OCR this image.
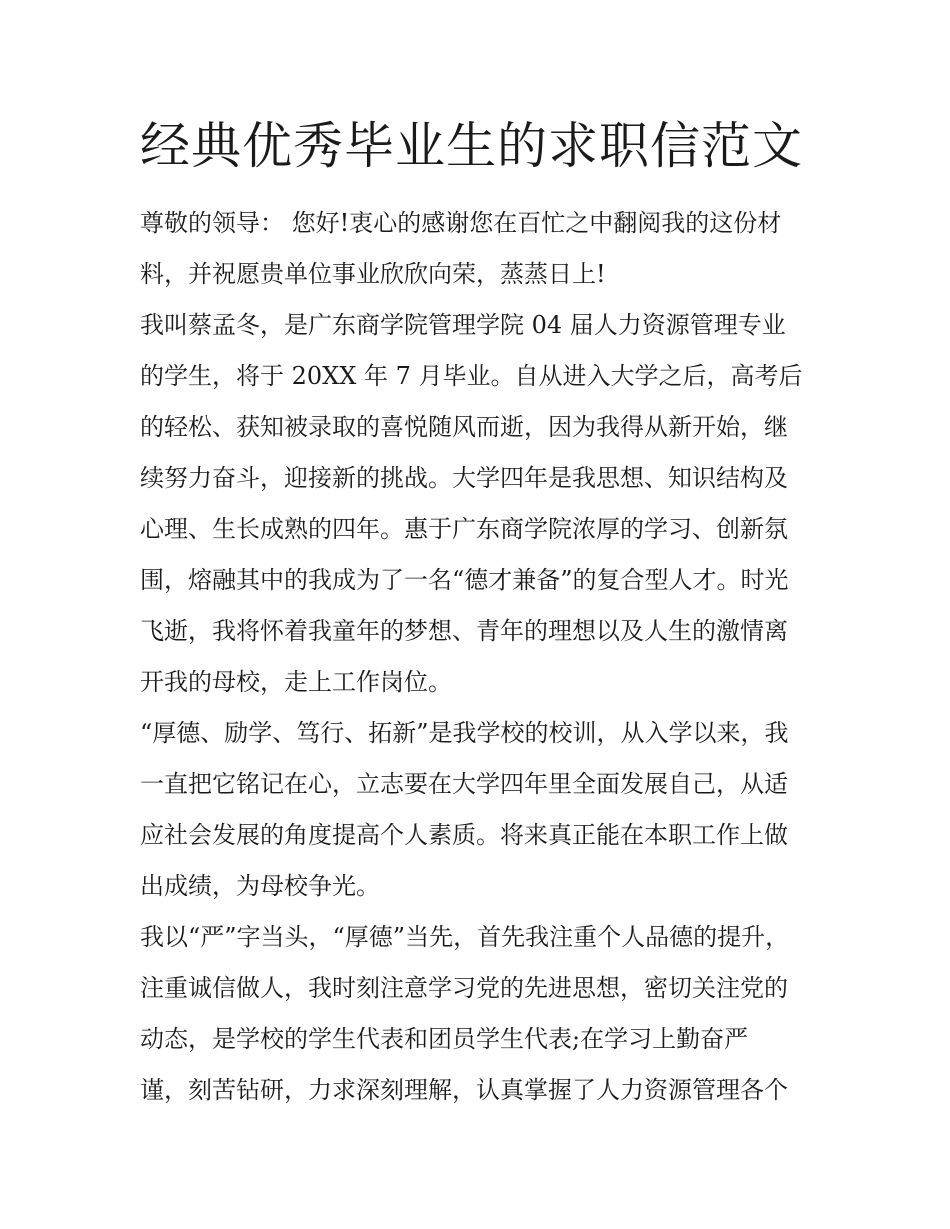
经典优秀毕业生的求职信范文
尊敬的领导： 您好!衷心的感谢您在百忙之中翻阅我的这份材
料，并祝愿贵单位事业欣欣向荣，蒸蒸日上!
我叫蔡孟冬，是广东商学院管理学院 04 届人力资源管理专业
的学生，将于 20XX 年 7 月毕业。自从进入大学之后，高考后
的轻松、获知被录取的喜悦随风而逝，因为我得从新开始，继
续努力奋斗，迎接新的挑战。大学四年是我思想、知识结构及
心理、生长成熟的四年。惠于广东商学院浓厚的学习、创新氛
围，熔融其中的我成为了一名“德才兼备”的复合型人才。时光
飞逝，我将怀着我童年的梦想、青年的理想以及人生的激情离
开我的母校，走上工作岗位。
“厚德、励学、笃行、拓新”是我学校的校训，从入学以来，我
一直把它铭记在心，立志要在大学四年里全面发展自己，从适
应社会发展的角度提高个人素质。将来真正能在本职工作上做
出成绩，为母校争光。
我以“严”字当头，“厚德”当先，首先我注重个人品德的提升，
注重诚信做人，我时刻注意学习党的先进思想，密切关注党的
动态，是学校的学生代表和团员学生代表;在学习上勤奋严
谨，刻苦钻研，力求深刻理解，认真掌握了人力资源管理各个
